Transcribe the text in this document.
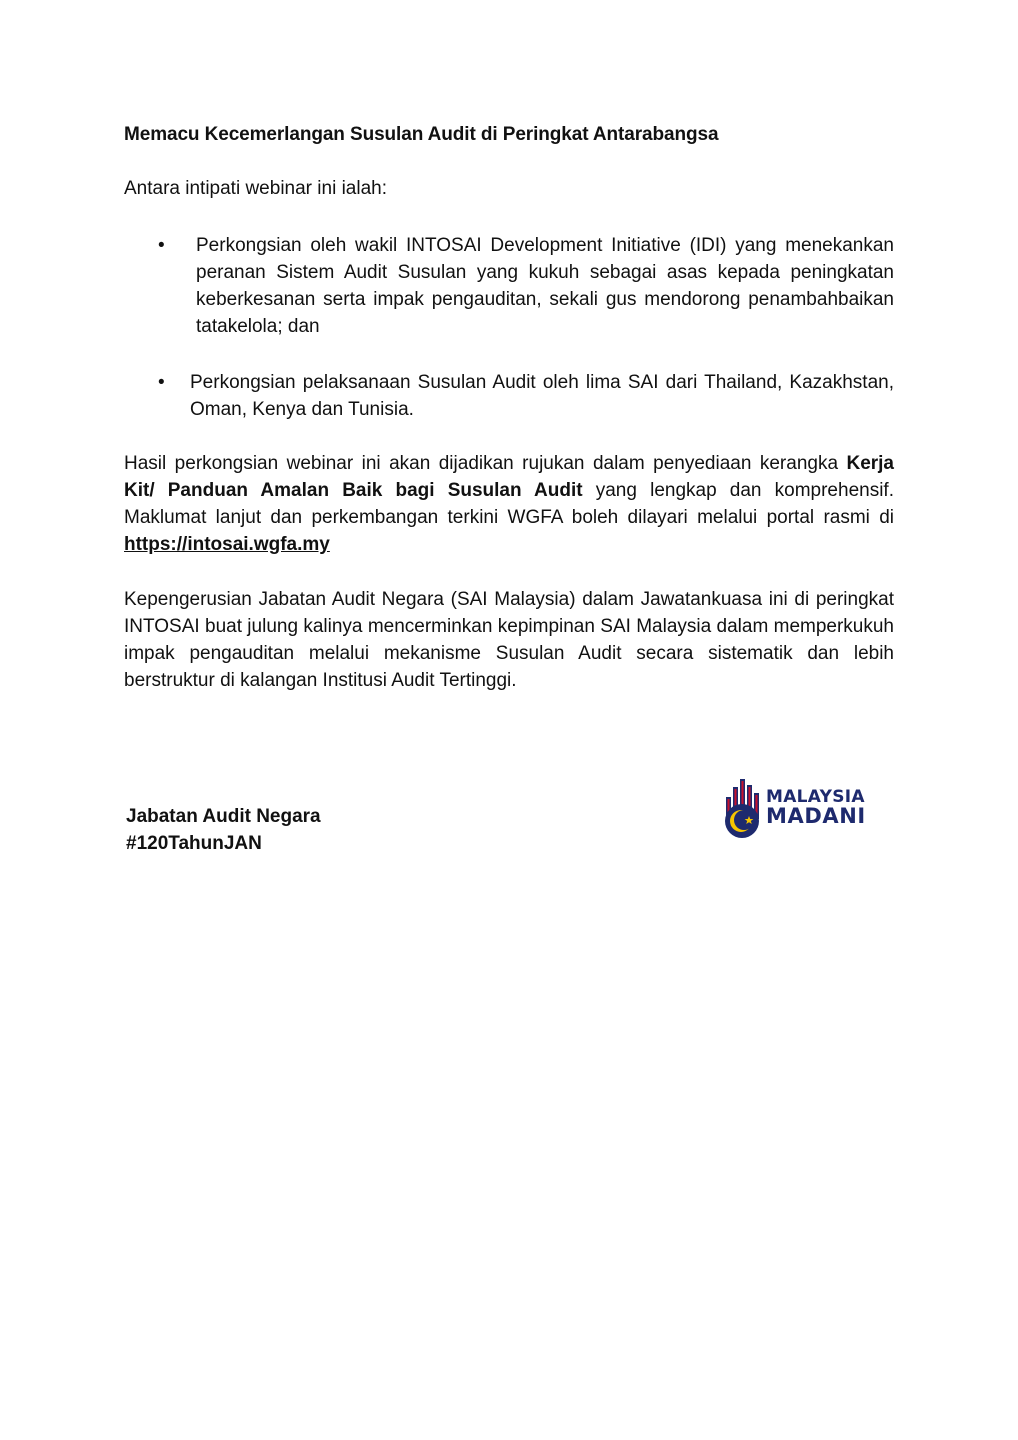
Memacu Kecemerlangan Susulan Audit di Peringkat Antarabangsa
Antara intipati webinar ini ialah:
• Perkongsian oleh wakil INTOSAI Development Initiative (IDI) yang menekankan peranan Sistem Audit Susulan yang kukuh sebagai asas kepada peningkatan keberkesanan serta impak pengauditan, sekali gus mendorong penambahbaikan tatakelola; dan
• Perkongsian pelaksanaan Susulan Audit oleh lima SAI dari Thailand, Kazakhstan, Oman, Kenya dan Tunisia.
Hasil perkongsian webinar ini akan dijadikan rujukan dalam penyediaan kerangka Kerja Kit/ Panduan Amalan Baik bagi Susulan Audit yang lengkap dan komprehensif. Maklumat lanjut dan perkembangan terkini WGFA boleh dilayari melalui portal rasmi di https://intosai.wgfa.my
Kepengerusian Jabatan Audit Negara (SAI Malaysia) dalam Jawatankuasa ini di peringkat INTOSAI buat julung kalinya mencerminkan kepimpinan SAI Malaysia dalam memperkukuh impak pengauditan melalui mekanisme Susulan Audit secara sistematik dan lebih berstruktur di kalangan Institusi Audit Tertinggi.
Jabatan Audit Negara
#120TahunJAN
MALAYSIA
MADANI
